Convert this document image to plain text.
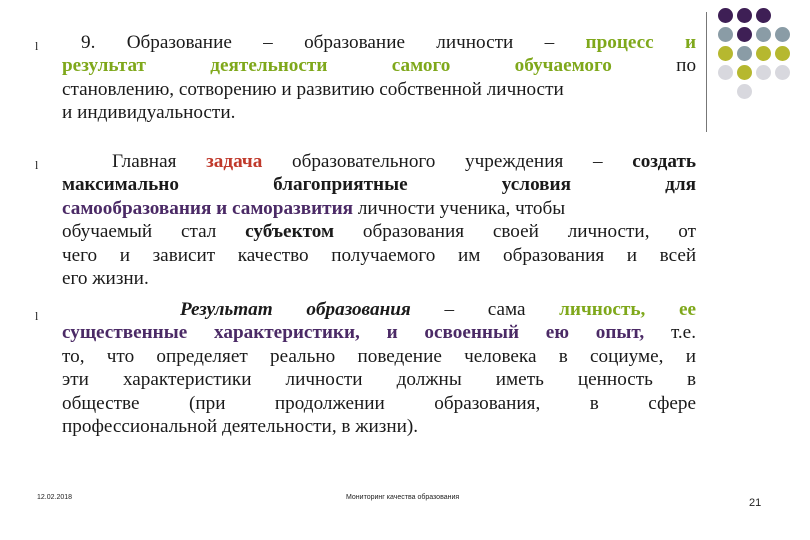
l
l
l
9. Образование – образование личности – процесс и
результат	деятельности	самого	обучаемого	по
становлению, сотворению и развитию собственной личности
и индивидуальности.
Главная задача образовательного учреждения – создать
максимально	благоприятные	условия	для
самообразования и саморазвития личности ученика, чтобы
обучаемый стал субъектом образования своей личности, от
чего и зависит качество получаемого им образования и всей
его жизни.
Результат образования – сама личность, ее
существенные характеристики, и освоенный ею опыт, т.е.
то, что определяет реально поведение человека в социуме, и
эти характеристики личности должны иметь ценность в
обществе	(при	продолжении	образования,	в	сфере
профессиональной деятельности, в жизни).
12.02.2018	Мониторинг качества образования	21
